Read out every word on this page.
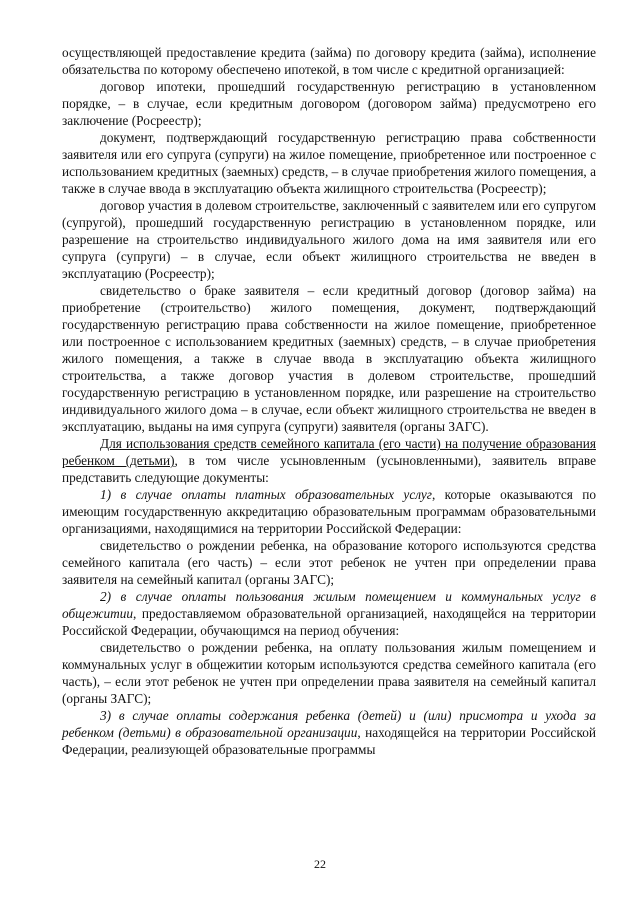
осуществляющей предоставление кредита (займа) по договору кредита (займа), исполнение обязательства по которому обеспечено ипотекой, в том числе с кредитной организацией:

договор ипотеки, прошедший государственную регистрацию в установленном порядке, – в случае, если кредитным договором (договором займа) предусмотрено его заключение (Росреестр);

документ, подтверждающий государственную регистрацию права собственности заявителя или его супруга (супруги) на жилое помещение, приобретенное или построенное с использованием кредитных (заемных) средств, – в случае приобретения жилого помещения, а также в случае ввода в эксплуатацию объекта жилищного строительства (Росреестр);

договор участия в долевом строительстве, заключенный с заявителем или его супругом (супругой), прошедший государственную регистрацию в установленном порядке, или разрешение на строительство индивидуального жилого дома на имя заявителя или его супруга (супруги) – в случае, если объект жилищного строительства не введен в эксплуатацию (Росреестр);

свидетельство о браке заявителя – если кредитный договор (договор займа) на приобретение (строительство) жилого помещения, документ, подтверждающий государственную регистрацию права собственности на жилое помещение, приобретенное или построенное с использованием кредитных (заемных) средств, – в случае приобретения жилого помещения, а также в случае ввода в эксплуатацию объекта жилищного строительства, а также договор участия в долевом строительстве, прошедший государственную регистрацию в установленном порядке, или разрешение на строительство индивидуального жилого дома – в случае, если объект жилищного строительства не введен в эксплуатацию, выданы на имя супруга (супруги) заявителя (органы ЗАГС).

Для использования средств семейного капитала (его части) на получение образования ребенком (детьми), в том числе усыновленным (усыновленными), заявитель вправе представить следующие документы:

1) в случае оплаты платных образовательных услуг, которые оказываются по имеющим государственную аккредитацию образовательным программам образовательными организациями, находящимися на территории Российской Федерации:

свидетельство о рождении ребенка, на образование которого используются средства семейного капитала (его часть) – если этот ребенок не учтен при определении права заявителя на семейный капитал (органы ЗАГС);

2) в случае оплаты пользования жилым помещением и коммунальных услуг в общежитии, предоставляемом образовательной организацией, находящейся на территории Российской Федерации, обучающимся на период обучения:

свидетельство о рождении ребенка, на оплату пользования жилым помещением и коммунальных услуг в общежитии которым используются средства семейного капитала (его часть), – если этот ребенок не учтен при определении права заявителя на семейный капитал (органы ЗАГС);

3) в случае оплаты содержания ребенка (детей) и (или) присмотра и ухода за ребенком (детьми) в образовательной организации, находящейся на территории Российской Федерации, реализующей образовательные программы

22
